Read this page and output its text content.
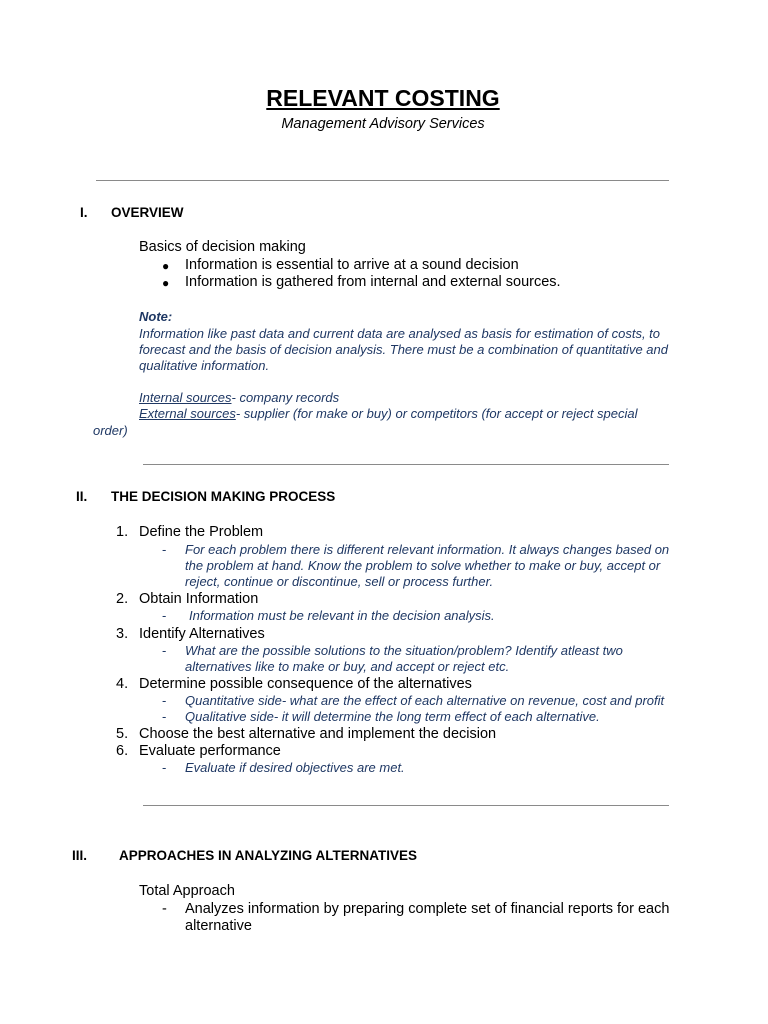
RELEVANT COSTING
Management Advisory Services
I. OVERVIEW
Basics of decision making
● Information is essential to arrive at a sound decision
● Information is gathered from internal and external sources.
Note:
Information like past data and current data are analysed as basis for estimation of costs, to
forecast and the basis of decision analysis. There must be a combination of quantitative and
qualitative information.
Internal sources- company records
External sources- supplier (for make or buy) or competitors (for accept or reject special
order)
II. THE DECISION MAKING PROCESS
1. Define the Problem
- For each problem there is different relevant information. It always changes based on
the problem at hand. Know the problem to solve whether to make or buy, accept or
reject, continue or discontinue, sell or process further.
2. Obtain Information
- Information must be relevant in the decision analysis.
3. Identify Alternatives
- What are the possible solutions to the situation/problem? Identify atleast two
alternatives like to make or buy, and accept or reject etc.
4. Determine possible consequence of the alternatives
- Quantitative side- what are the effect of each alternative on revenue, cost and profit
- Qualitative side- it will determine the long term effect of each alternative.
5. Choose the best alternative and implement the decision
6. Evaluate performance
- Evaluate if desired objectives are met.
III. APPROACHES IN ANALYZING ALTERNATIVES
Total Approach
- Analyzes information by preparing complete set of financial reports for each
alternative
